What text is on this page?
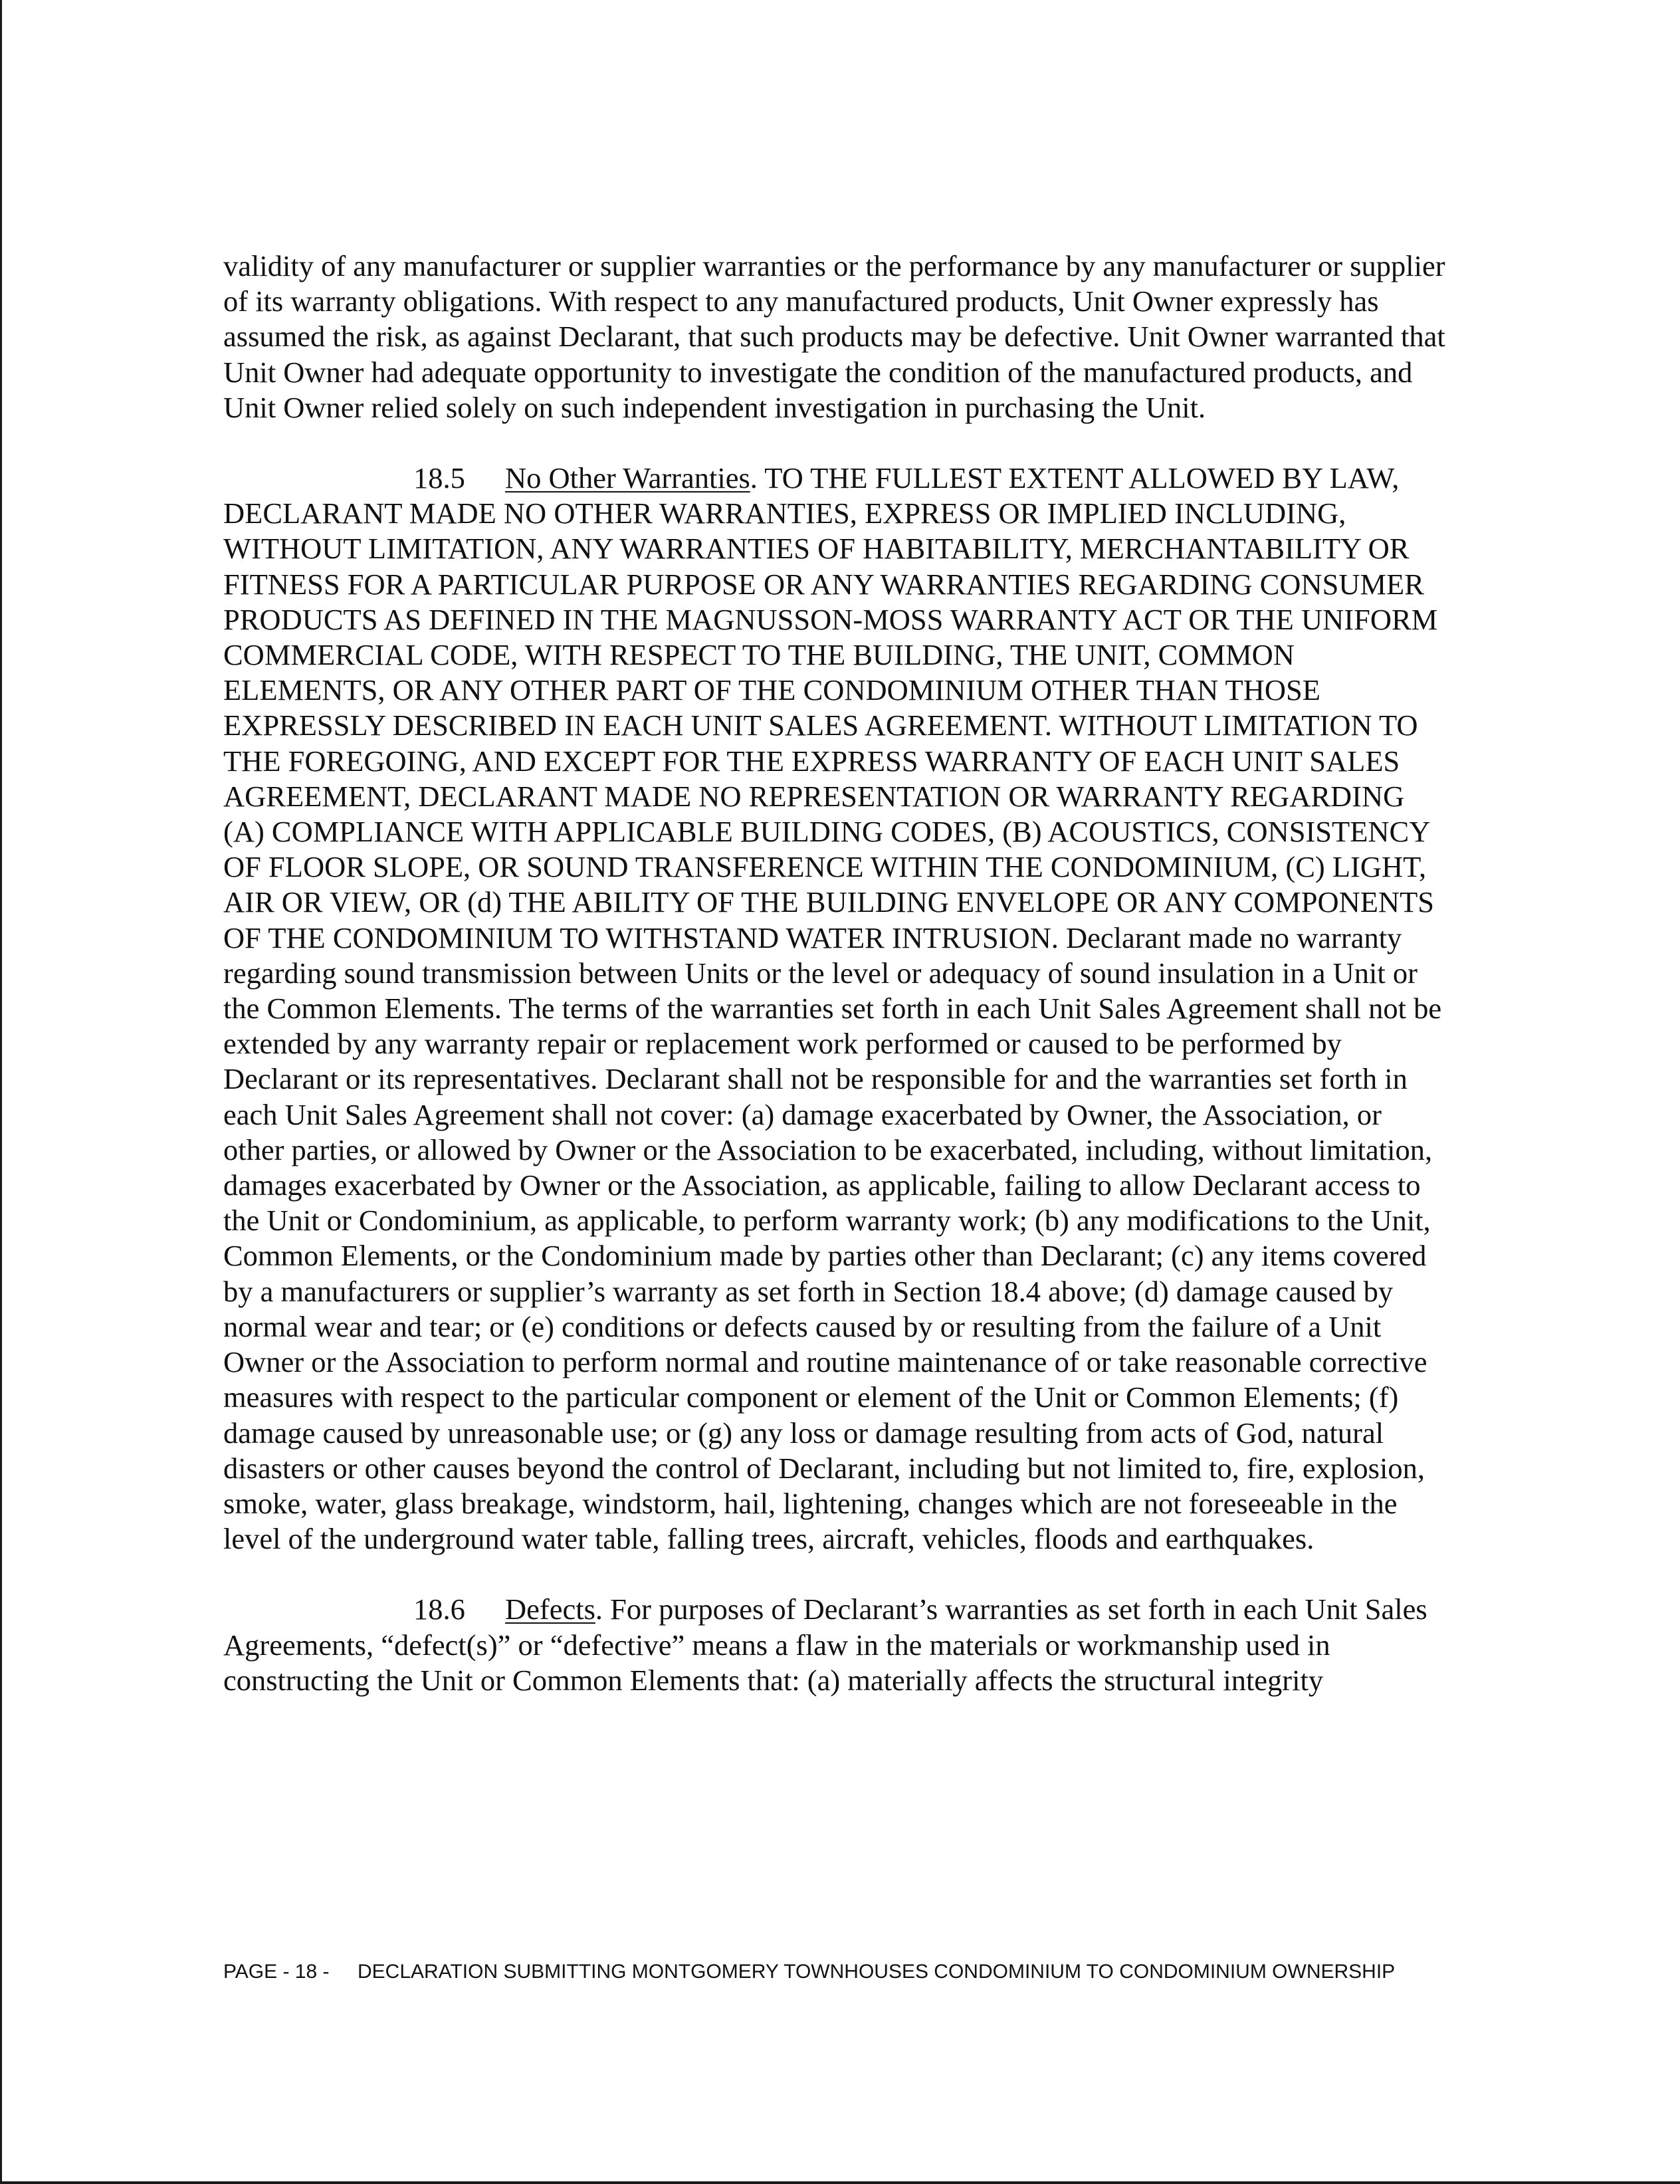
validity of any manufacturer or supplier warranties or the performance by any manufacturer or supplier of its warranty obligations. With respect to any manufactured products, Unit Owner expressly has assumed the risk, as against Declarant, that such products may be defective. Unit Owner warranted that Unit Owner had adequate opportunity to investigate the condition of the manufactured products, and Unit Owner relied solely on such independent investigation in purchasing the Unit.

18.5 No Other Warranties. TO THE FULLEST EXTENT ALLOWED BY LAW, DECLARANT MADE NO OTHER WARRANTIES, EXPRESS OR IMPLIED INCLUDING, WITHOUT LIMITATION, ANY WARRANTIES OF HABITABILITY, MERCHANTABILITY OR FITNESS FOR A PARTICULAR PURPOSE OR ANY WARRANTIES REGARDING CONSUMER PRODUCTS AS DEFINED IN THE MAGNUSSON-MOSS WARRANTY ACT OR THE UNIFORM COMMERCIAL CODE, WITH RESPECT TO THE BUILDING, THE UNIT, COMMON ELEMENTS, OR ANY OTHER PART OF THE CONDOMINIUM OTHER THAN THOSE EXPRESSLY DESCRIBED IN EACH UNIT SALES AGREEMENT. WITHOUT LIMITATION TO THE FOREGOING, AND EXCEPT FOR THE EXPRESS WARRANTY OF EACH UNIT SALES AGREEMENT, DECLARANT MADE NO REPRESENTATION OR WARRANTY REGARDING (A) COMPLIANCE WITH APPLICABLE BUILDING CODES, (B) ACOUSTICS, CONSISTENCY OF FLOOR SLOPE, OR SOUND TRANSFERENCE WITHIN THE CONDOMINIUM, (C) LIGHT, AIR OR VIEW, OR (d) THE ABILITY OF THE BUILDING ENVELOPE OR ANY COMPONENTS OF THE CONDOMINIUM TO WITHSTAND WATER INTRUSION. Declarant made no warranty regarding sound transmission between Units or the level or adequacy of sound insulation in a Unit or the Common Elements. The terms of the warranties set forth in each Unit Sales Agreement shall not be extended by any warranty repair or replacement work performed or caused to be performed by Declarant or its representatives. Declarant shall not be responsible for and the warranties set forth in each Unit Sales Agreement shall not cover: (a) damage exacerbated by Owner, the Association, or other parties, or allowed by Owner or the Association to be exacerbated, including, without limitation, damages exacerbated by Owner or the Association, as applicable, failing to allow Declarant access to the Unit or Condominium, as applicable, to perform warranty work; (b) any modifications to the Unit, Common Elements, or the Condominium made by parties other than Declarant; (c) any items covered by a manufacturers or supplier’s warranty as set forth in Section 18.4 above; (d) damage caused by normal wear and tear; or (e) conditions or defects caused by or resulting from the failure of a Unit Owner or the Association to perform normal and routine maintenance of or take reasonable corrective measures with respect to the particular component or element of the Unit or Common Elements; (f) damage caused by unreasonable use; or (g) any loss or damage resulting from acts of God, natural disasters or other causes beyond the control of Declarant, including but not limited to, fire, explosion, smoke, water, glass breakage, windstorm, hail, lightening, changes which are not foreseeable in the level of the underground water table, falling trees, aircraft, vehicles, floods and earthquakes.

18.6 Defects. For purposes of Declarant’s warranties as set forth in each Unit Sales Agreements, “defect(s)” or “defective” means a flaw in the materials or workmanship used in constructing the Unit or Common Elements that: (a) materially affects the structural integrity

PAGE - 18 -	DECLARATION SUBMITTING MONTGOMERY TOWNHOUSES CONDOMINIUM TO CONDOMINIUM OWNERSHIP
